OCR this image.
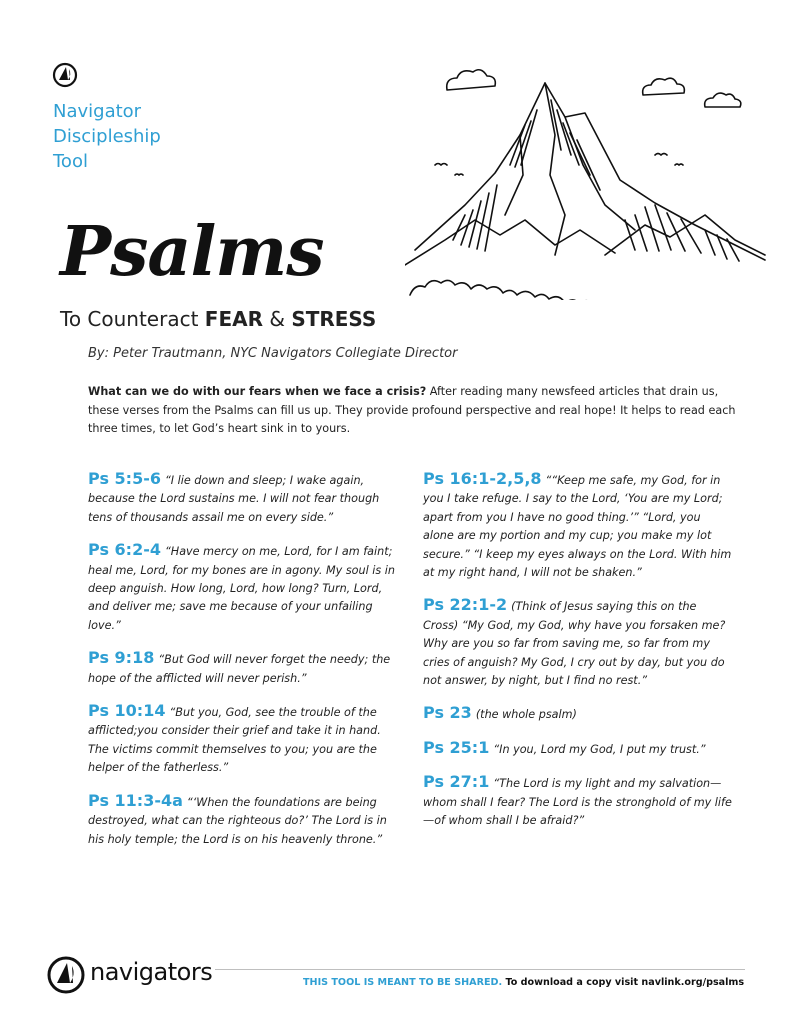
Navigator
Discipleship
Tool
Psalms
To Counteract FEAR & STRESS
By: Peter Trautmann, NYC Navigators Collegiate Director

What can we do with our fears when we face a crisis? After reading many newsfeed articles that drain us, these verses from the Psalms can fill us up. They provide profound perspective and real hope! It helps to read each three times, to let God’s heart sink in to yours.

Ps 5:5-6 “I lie down and sleep; I wake again, because the Lord sustains me. I will not fear though tens of thousands assail me on every side.”

Ps 6:2-4 “Have mercy on me, Lord, for I am faint; heal me, Lord, for my bones are in agony. My soul is in deep anguish. How long, Lord, how long? Turn, Lord, and deliver me; save me because of your unfailing love.”

Ps 9:18 “But God will never forget the needy; the hope of the afflicted will never perish.”

Ps 10:14 “But you, God, see the trouble of the afflicted;you consider their grief and take it in hand. The victims commit themselves to you; you are the helper of the fatherless.”

Ps 11:3-4a “‘When the foundations are being destroyed, what can the righteous do?’ The Lord is in his holy temple; the Lord is on his heavenly throne.”

Ps 16:1-2,5,8 ““Keep me safe, my God, for in you I take refuge. I say to the Lord, ‘You are my Lord; apart from you I have no good thing.’” “Lord, you alone are my portion and my cup; you make my lot secure.” “I keep my eyes always on the Lord. With him at my right hand, I will not be shaken.”

Ps 22:1-2 (Think of Jesus saying this on the Cross) “My God, my God, why have you forsaken me? Why are you so far from saving me, so far from my cries of anguish? My God, I cry out by day, but you do not answer, by night, but I find no rest.”

Ps 23 (the whole psalm)

Ps 25:1 “In you, Lord my God, I put my trust.”

Ps 27:1 “The Lord is my light and my salvation— whom shall I fear? The Lord is the stronghold of my life—of whom shall I be afraid?”

navigators	THIS TOOL IS MEANT TO BE SHARED. To download a copy visit navlink.org/psalms
